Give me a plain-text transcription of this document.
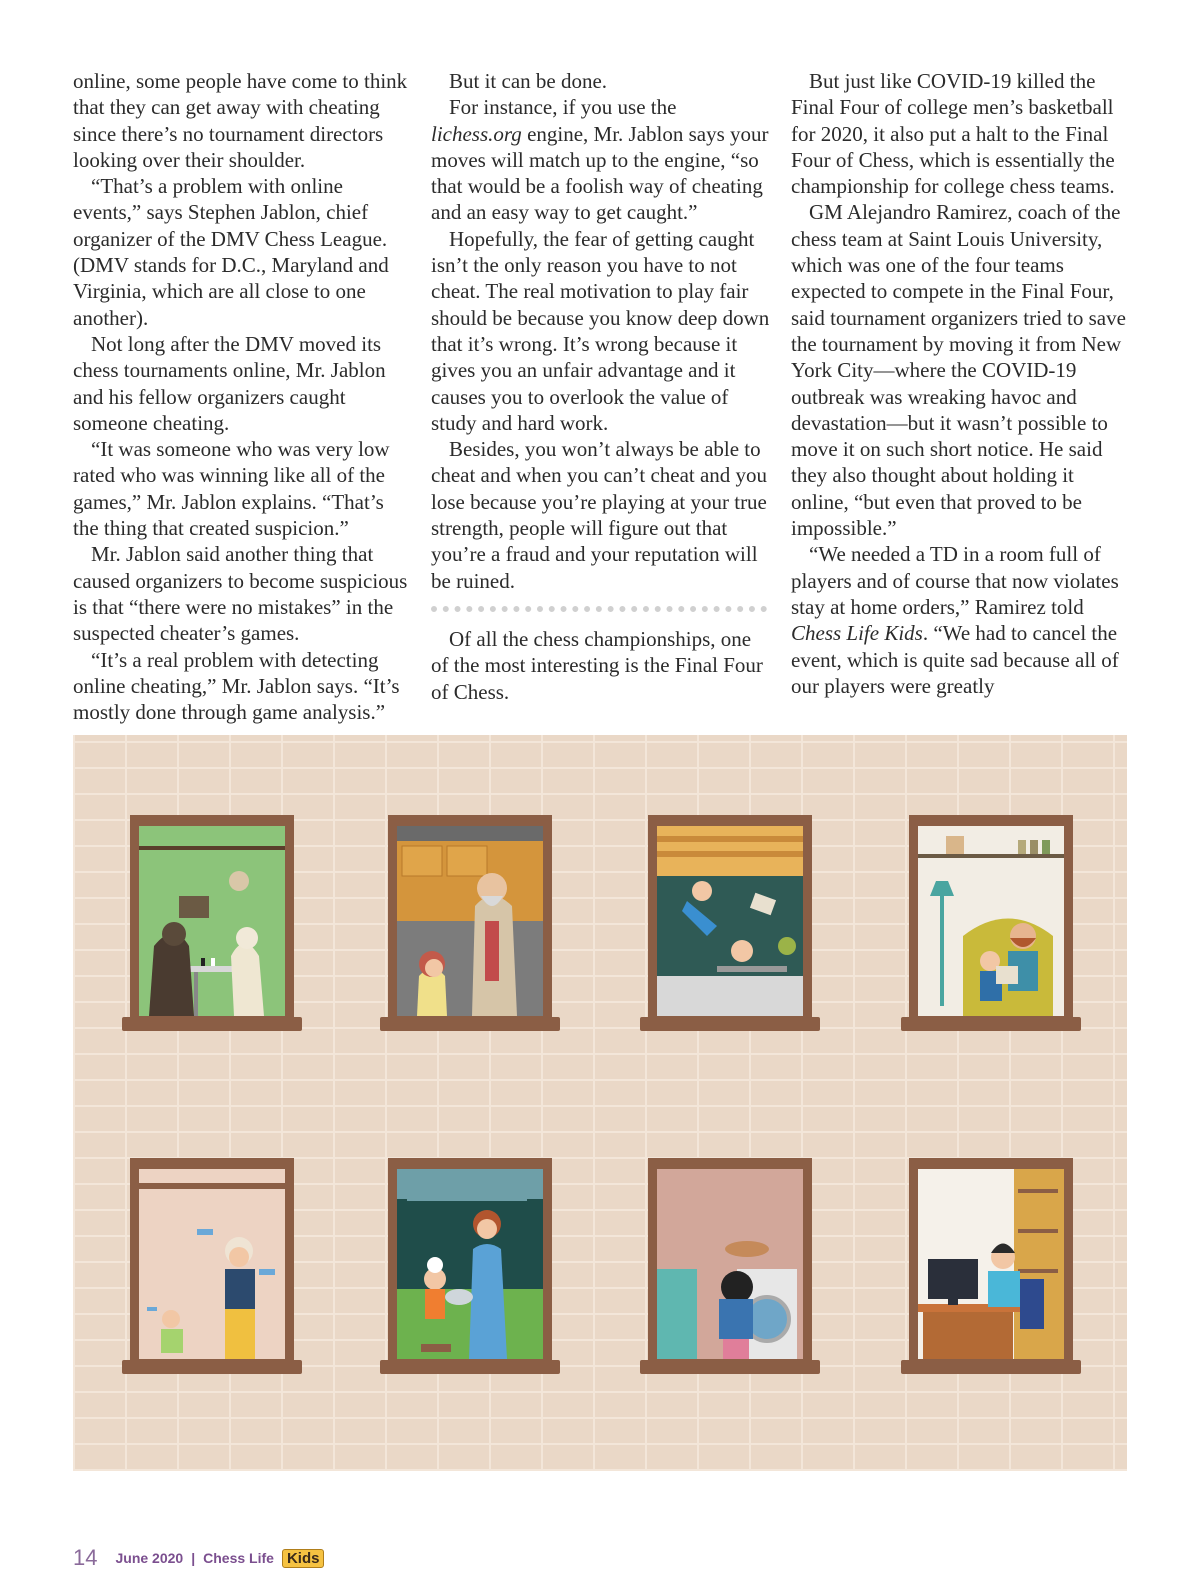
online, some people have come to think that they can get away with cheating since there’s no tournament directors looking over their shoulder.

“That’s a problem with online events,” says Stephen Jablon, chief organizer of the DMV Chess League. (DMV stands for D.C., Maryland and Virginia, which are all close to one another).

Not long after the DMV moved its chess tournaments online, Mr. Jablon and his fellow organizers caught someone cheating.

“It was someone who was very low rated who was winning like all of the games,” Mr. Jablon explains. “That’s the thing that created suspicion.”

Mr. Jablon said another thing that caused organizers to become suspicious is that “there were no mistakes” in the suspected cheater’s games.

“It’s a real problem with detecting online cheating,” Mr. Jablon says. “It’s mostly done through game analysis.”

But it can be done.

For instance, if you use the lichess.org engine, Mr. Jablon says your moves will match up to the engine, “so that would be a foolish way of cheating and an easy way to get caught.”

Hopefully, the fear of getting caught isn’t the only reason you have to not cheat. The real motivation to play fair should be because you know deep down that it’s wrong. It’s wrong because it gives you an unfair advantage and it causes you to overlook the value of study and hard work.

Besides, you won’t always be able to cheat and when you can’t cheat and you lose because you’re playing at your true strength, people will figure out that you’re a fraud and your reputation will be ruined.

Of all the chess championships, one of the most interesting is the Final Four of Chess.

But just like COVID-19 killed the Final Four of college men’s basketball for 2020, it also put a halt to the Final Four of Chess, which is essentially the championship for college chess teams.

GM Alejandro Ramirez, coach of the chess team at Saint Louis University, which was one of the four teams expected to compete in the Final Four, said tournament organizers tried to save the tournament by moving it from New York City—where the COVID-19 outbreak was wreaking havoc and devastation—but it wasn’t possible to move it on such short notice. He said they also thought about holding it online, “but even that proved to be impossible.”

“We needed a TD in a room full of players and of course that now violates stay at home orders,” Ramirez told Chess Life Kids. “We had to cancel the event, which is quite sad because all of our players were greatly

14 June 2020 | Chess Life Kids
